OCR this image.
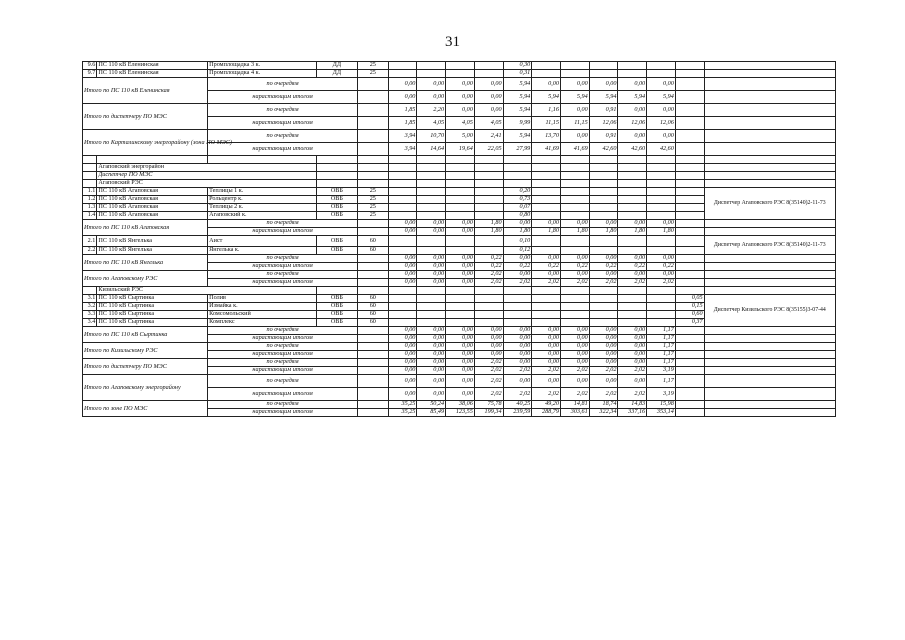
31
9.6	ПС 110 кВ Еленинская	Промплощадка 3 к.	ДД	25					0,30							
9.7	ПС 110 кВ Еленинская	Промплощадка 4 к.	ДД	25					0,31							
Итого по ПС 110 кВ Еленинская		по очередям			0,00	0,00	0,00	0,00	5,94	0,00	0,00	0,00	0,00	0,00		
		нарастающим итогом			0,00	0,00	0,00	0,00	5,94	5,94	5,94	5,94	5,94	5,94		
Итого по диспетчеру ПО МЭС		по очередям			1,85	2,20	0,00	0,00	5,94	1,16	0,00	0,91	0,00	0,00		
		нарастающим итогом			1,85	4,05	4,05	4,05	9,99	11,15	11,15	12,06	12,06	12,06		
Итого по Карталинскому энергорайону (зона ПО МЭС)		по очередям			3,94	10,70	5,00	2,41	5,94	13,70	0,00	0,91	0,00	0,00		
		нарастающим итогом			3,94	14,64	19,64	22,05	27,99	41,69	41,69	42,60	42,60	42,60		

	Агаповский энергорайон															
	Диспетчер ПО МЭС															
	Агаповский РЭС															
1.1	ПС 110 кВ Агаповская	Теплицы 1 к.	ОВБ	25					0,20							Диспетчер Агаповского РЭС 8(35140)2-11-73
1.2	ПС 110 кВ Агаповская	Рольцентр к.	ОВБ	25					0,73							
1.3	ПС 110 кВ Агаповская	Теплицы 2 к.	ОВБ	25					0,07							
1.4	ПС 110 кВ Агаповская	Агаповский к.	ОВБ	25					0,80							
Итого по ПС 110 кВ Агаповская		по очередям			0,00	0,00	0,00	1,80	0,00	0,00	0,00	0,00	0,00	0,00		
		нарастающим итогом			0,00	0,00	0,00	1,80	1,80	1,80	1,80	1,80	1,80	1,80		
2.1	ПС 110 кВ Янгелька	Аист	ОВБ	60					0,10							Диспетчер Агаповского РЭС 8(35140)2-11-73
2.2	ПС 110 кВ Янгелька	Янгелька к.	ОВБ	60					0,12							
Итого по ПС 110 кВ Янгелька		по очередям			0,00	0,00	0,00	0,22	0,00	0,00	0,00	0,00	0,00	0,00		
		нарастающим итогом			0,00	0,00	0,00	0,22	0,22	0,22	0,22	0,22	0,22	0,22		
Итого по Агаповскому РЭС		по очередям			0,00	0,00	0,00	2,02	0,00	0,00	0,00	0,00	0,00	0,00		
		нарастающим итогом			0,00	0,00	0,00	2,02	2,02	2,02	2,02	2,02	2,02	2,02		
	Кизильский РЭС															
3.1	ПС 110 кВ Сыртинка	Полив	ОВБ	60											0,05	Диспетчер Кизильского РЭС 8(35155)3-07-44
3.2	ПС 110 кВ Сыртинка	Измайка к.	ОВБ	60											0,15	
3.3	ПС 110 кВ Сыртинка	Комсомольский	ОВБ	60											0,60	
3.4	ПС 110 кВ Сыртинка	Комплекс	ОВБ	60											0,37	
Итого по ПС 110 кВ Сыртинка		по очередям			0,00	0,00	0,00	0,00	0,00	0,00	0,00	0,00	0,00	1,17		
		нарастающим итогом			0,00	0,00	0,00	0,00	0,00	0,00	0,00	0,00	0,00	1,17		
Итого по Кизильскому РЭС		по очередям			0,00	0,00	0,00	0,00	0,00	0,00	0,00	0,00	0,00	1,17		
		нарастающим итогом			0,00	0,00	0,00	0,00	0,00	0,00	0,00	0,00	0,00	1,17		
Итого по диспетчеру ПО МЭС		по очередям			0,00	0,00	0,00	2,02	0,00	0,00	0,00	0,00	0,00	1,17		
		нарастающим итогом			0,00	0,00	0,00	2,02	2,02	2,02	2,02	2,02	2,02	3,19		
Итого по Агаповскому энергорайону		по очередям			0,00	0,00	0,00	2,02	0,00	0,00	0,00	0,00	0,00	1,17		
		нарастающим итогом			0,00	0,00	0,00	2,02	2,02	2,02	2,02	2,02	2,02	3,19		
Итого по зоне ПО МЭС		по очередям			35,25	50,24	38,06	75,78	40,25	49,20	14,81	18,74	14,83	15,98		
		нарастающим итогом			35,25	85,49	123,55	199,34	239,59	288,79	303,61	322,34	337,16	353,14		
